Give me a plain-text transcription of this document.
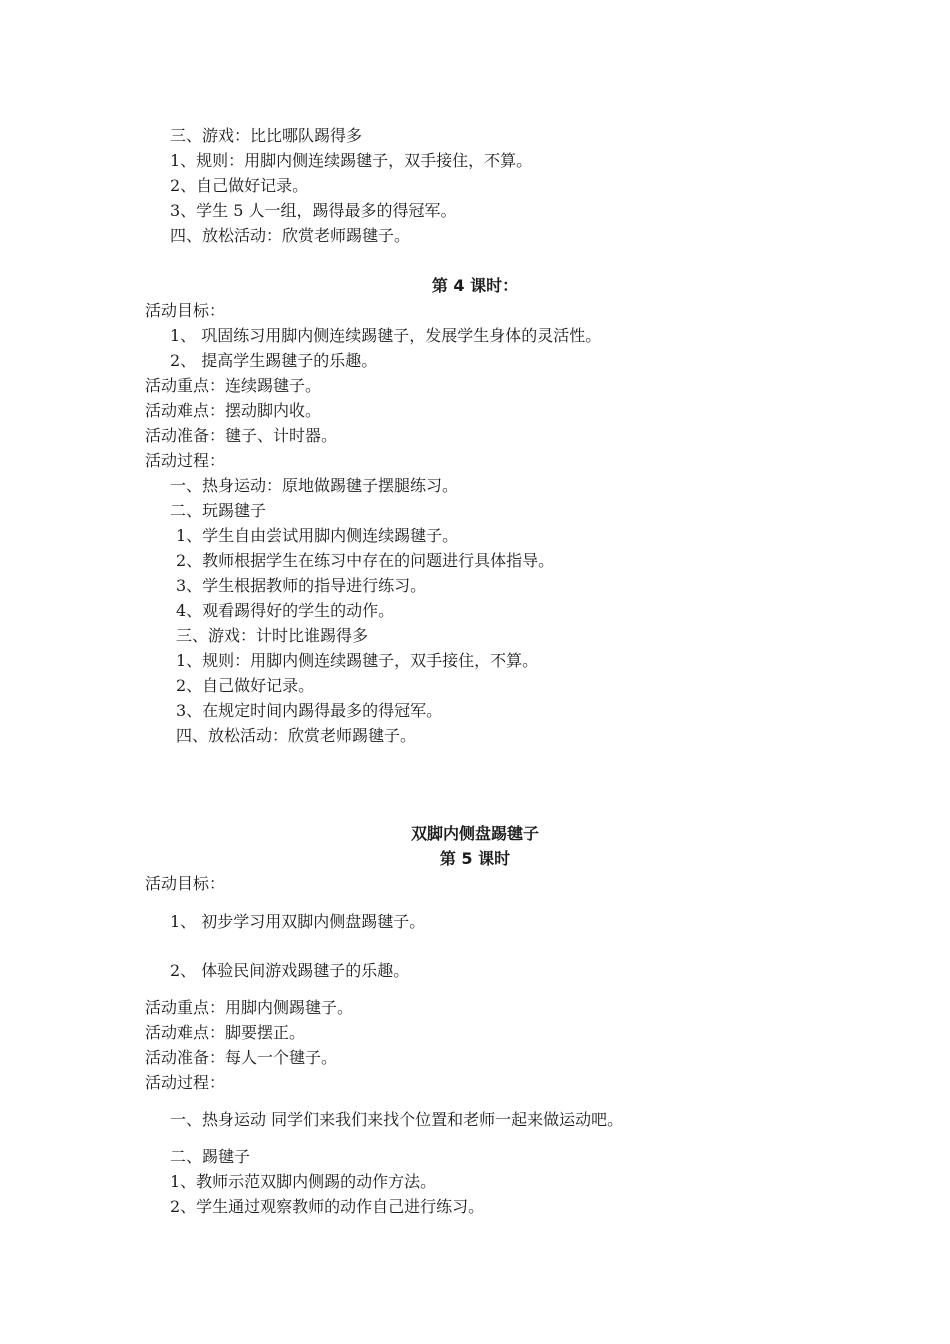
三、游戏：比比哪队踢得多
1、规则：用脚内侧连续踢毽子，双手接住，不算。
2、自己做好记录。
3、学生 5 人一组，踢得最多的得冠军。
四、放松活动：欣赏老师踢毽子。
第 4 课时：
活动目标：
1、 巩固练习用脚内侧连续踢毽子，发展学生身体的灵活性。
2、 提高学生踢毽子的乐趣。
活动重点：连续踢毽子。
活动难点：摆动脚内收。
活动准备：毽子、计时器。
活动过程：
一、热身运动：原地做踢毽子摆腿练习。
二、玩踢毽子
1、学生自由尝试用脚内侧连续踢毽子。
2、教师根据学生在练习中存在的问题进行具体指导。
3、学生根据教师的指导进行练习。
4、观看踢得好的学生的动作。
三、游戏：计时比谁踢得多
1、规则：用脚内侧连续踢毽子，双手接住，不算。
2、自己做好记录。
3、在规定时间内踢得最多的得冠军。
四、放松活动：欣赏老师踢毽子。
双脚内侧盘踢毽子
第 5 课时
活动目标：
1、 初步学习用双脚内侧盘踢毽子。
2、 体验民间游戏踢毽子的乐趣。
活动重点：用脚内侧踢毽子。
活动难点：脚要摆正。
活动准备：每人一个毽子。
活动过程：
一、热身运动 同学们来我们来找个位置和老师一起来做运动吧。
二、踢毽子
1、教师示范双脚内侧踢的动作方法。
2、学生通过观察教师的动作自己进行练习。
